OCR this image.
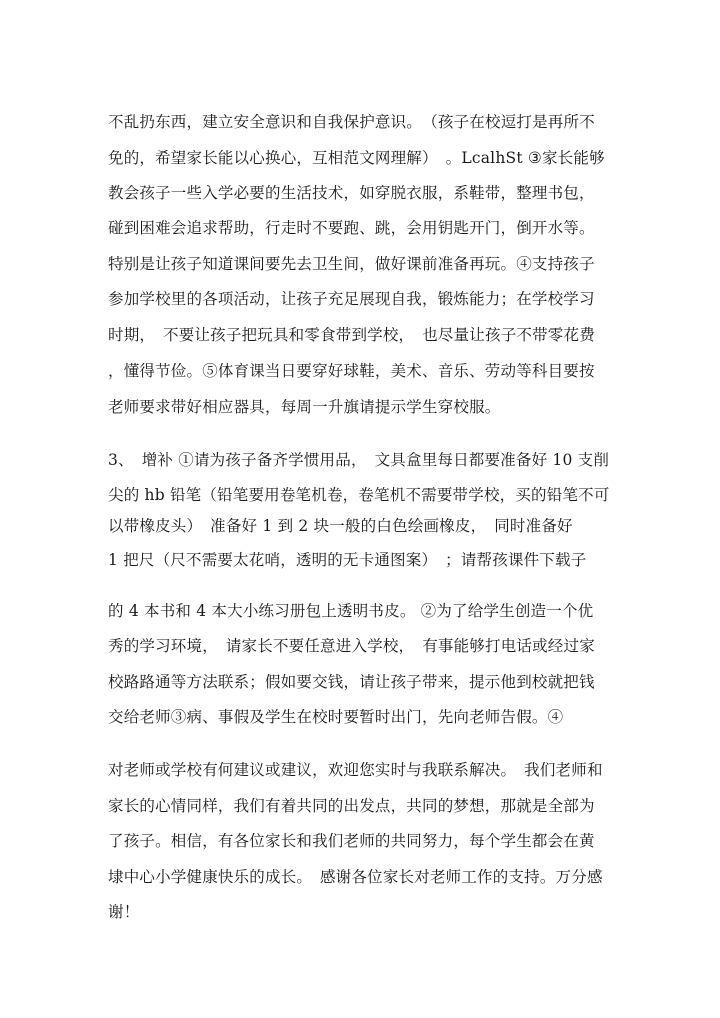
不乱扔东西，建立安全意识和自我保护意识。　（孩子在校逗打是再所不
免的，希望家长能以心换心，互相范文网理解）　。LcalhSt ③家长能够
教会孩子一些入学必要的生活技术，如穿脱衣服，系鞋带，整理书包，
碰到困难会追求帮助，行走时不要跑、跳，会用钥匙开门，倒开水等。
特别是让孩子知道课间要先去卫生间，做好课前准备再玩。④支持孩子
参加学校里的各项活动，让孩子充足展现自我，锻炼能力；在学校学习
时期，　不要让孩子把玩具和零食带到学校，　也尽量让孩子不带零花费
，懂得节俭。⑤体育课当日要穿好球鞋，美术、音乐、劳动等科目要按
老师要求带好相应器具，每周一升旗请提示学生穿校服。
3、　增补 ①请为孩子备齐学惯用品，　文具盒里每日都要准备好 10 支削
尖的 hb 铅笔（铅笔要用卷笔机卷，卷笔机不需要带学校，买的铅笔不可
以带橡皮头）　准备好 1 到 2 块一般的白色绘画橡皮，　同时准备好
1 把尺（尺不需要太花哨，透明的无卡通图案）　；请帮孩课件下载子
的 4 本书和 4 本大小练习册包上透明书皮。 ②为了给学生创造一个优
秀的学习环境，　请家长不要任意进入学校，　有事能够打电话或经过家
校路路通等方法联系；假如要交钱，请让孩子带来，提示他到校就把钱
交给老师③病、事假及学生在校时要暂时出门，先向老师告假。④
对老师或学校有何建议或建议，欢迎您实时与我联系解决。　我们老师和
家长的心情同样，我们有着共同的出发点，共同的梦想，那就是全部为
了孩子。相信，有各位家长和我们老师的共同努力，每个学生都会在黄
埭中心小学健康快乐的成长。　感谢各位家长对老师工作的支持。万分感
谢！
